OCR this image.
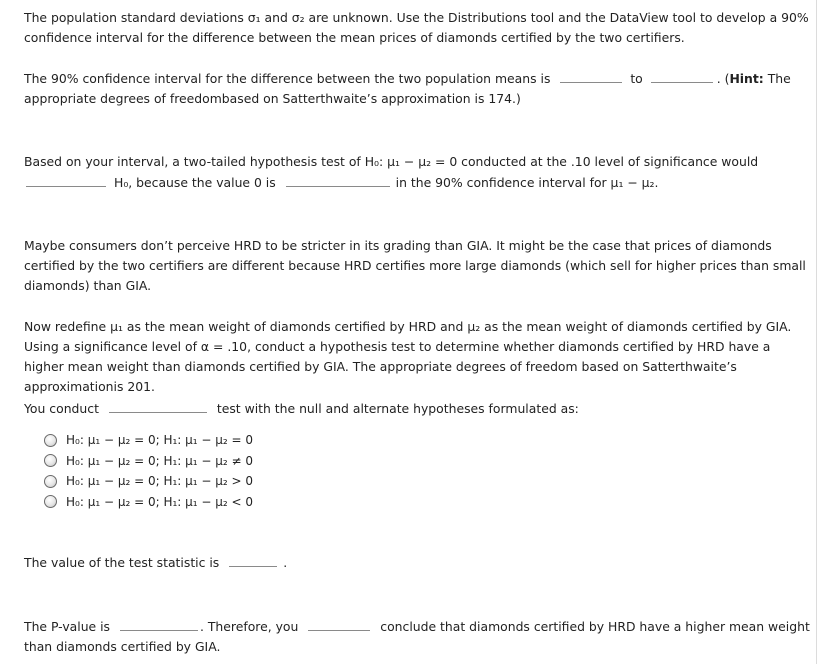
The population standard deviations σ₁ and σ₂ are unknown. Use the Distributions tool and the DataView tool to develop a 90% confidence interval for the difference between the mean prices of diamonds certified by the two certifiers.

The 90% confidence interval for the difference between the two population means is	to	. (Hint: The appropriate degrees of freedombased on Satterthwaite’s approximation is 174.)

Based on your interval, a two-tailed hypothesis test of H₀: μ₁ − μ₂ = 0 conducted at the .10 level of significance would
H₀, because the value 0 is	in the 90% confidence interval for μ₁ − μ₂.

Maybe consumers don’t perceive HRD to be stricter in its grading than GIA. It might be the case that prices of diamonds certified by the two certifiers are different because HRD certifies more large diamonds (which sell for higher prices than small diamonds) than GIA.

Now redefine μ₁ as the mean weight of diamonds certified by HRD and μ₂ as the mean weight of diamonds certified by GIA. Using a significance level of α = .10, conduct a hypothesis test to determine whether diamonds certified by HRD have a higher mean weight than diamonds certified by GIA. The appropriate degrees of freedom based on Satterthwaite’s approximationis 201.

You conduct	test with the null and alternate hypotheses formulated as:

H₀: μ₁ − μ₂ = 0; H₁: μ₁ − μ₂ = 0
H₀: μ₁ − μ₂ = 0; H₁: μ₁ − μ₂ ≠ 0
H₀: μ₁ − μ₂ = 0; H₁: μ₁ − μ₂ > 0
H₀: μ₁ − μ₂ = 0; H₁: μ₁ − μ₂ < 0

The value of the test statistic is	.

The P-value is	. Therefore, you	conclude that diamonds certified by HRD have a higher mean weight than diamonds certified by GIA.
